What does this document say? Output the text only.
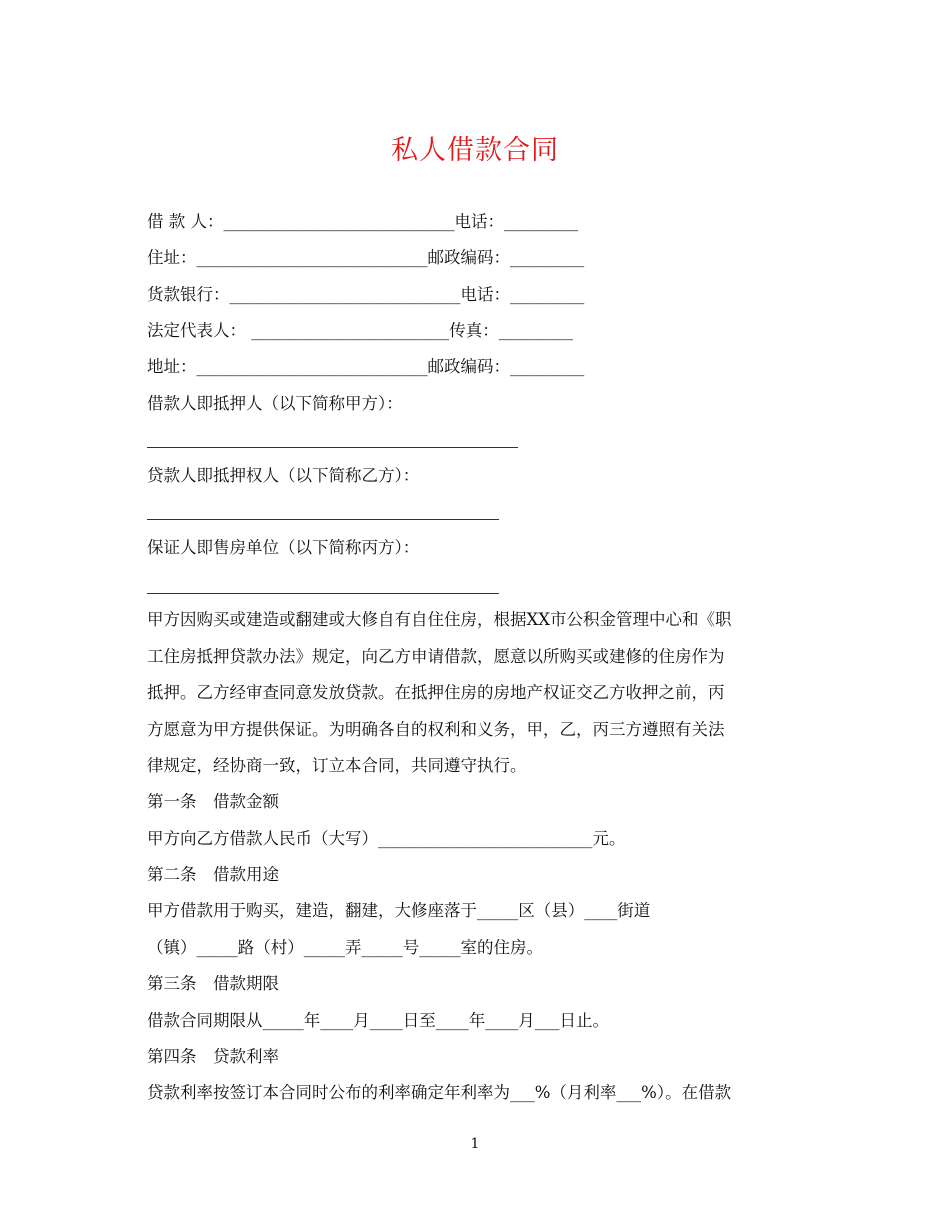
私人借款合同
借 款 人：____________________________电话：_________
住址：____________________________邮政编码：_________
货款银行：____________________________电话：_________
法定代表人： ________________________传真：_________
地址：____________________________邮政编码：_________
借款人即抵押人（以下简称甲方）：
贷款人即抵押权人（以下简称乙方）：
保证人即售房单位（以下简称丙方）：
甲方因购买或建造或翻建或大修自有自住住房，根据XX市公积金管理中心和《职
工住房抵押贷款办法》规定，向乙方申请借款，愿意以所购买或建修的住房作为
抵押。乙方经审查同意发放贷款。在抵押住房的房地产权证交乙方收押之前，丙
方愿意为甲方提供保证。为明确各自的权利和义务，甲，乙，丙三方遵照有关法
律规定，经协商一致，订立本合同，共同遵守执行。
第一条　借款金额
甲方向乙方借款人民币（大写）__________________________元。
第二条　借款用途
甲方借款用于购买，建造，翻建，大修座落于_____区（县）____街道
（镇）_____路（村）_____弄_____号_____室的住房。
第三条　借款期限
借款合同期限从_____年____月____日至____年____月___日止。
第四条　贷款利率
贷款利率按签订本合同时公布的利率确定年利率为___%（月利率___%）。在借款
1
